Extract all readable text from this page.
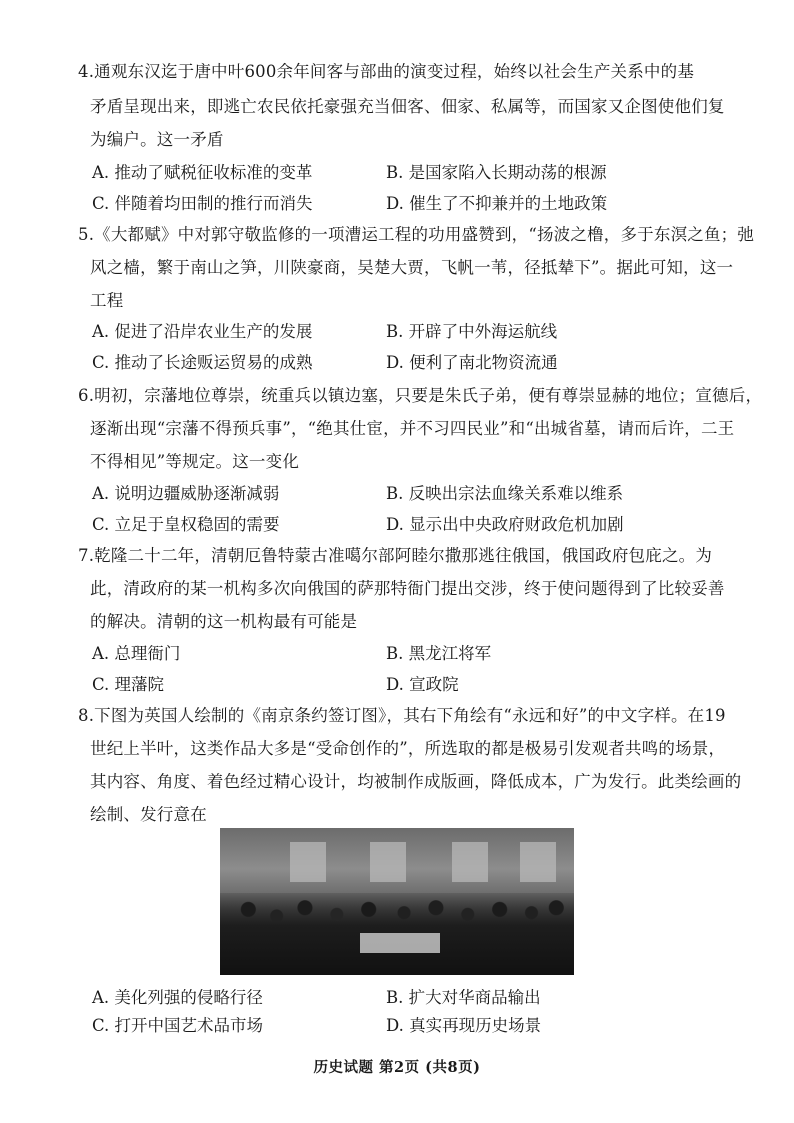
4.通观东汉迄于唐中叶600余年间客与部曲的演变过程，始终以社会生产关系中的基
矛盾呈现出来，即逃亡农民依托豪强充当佃客、佃家、私属等，而国家又企图使他们复
为编户。这一矛盾
A. 推动了赋税征收标准的变革	B. 是国家陷入长期动荡的根源
C. 伴随着均田制的推行而消失	D. 催生了不抑兼并的土地政策
5.《大都赋》中对郭守敬监修的一项漕运工程的功用盛赞到，“扬波之橹，多于东溟之鱼；弛
风之樯，繁于南山之笋，川陕豪商，吴楚大贾，飞帆一苇，径抵辇下”。据此可知，这一
工程
A. 促进了沿岸农业生产的发展	B. 开辟了中外海运航线
C. 推动了长途贩运贸易的成熟	D. 便利了南北物资流通
6.明初，宗藩地位尊崇，统重兵以镇边塞，只要是朱氏子弟，便有尊崇显赫的地位；宣德后，
逐渐出现“宗藩不得预兵事”，“绝其仕宦，并不习四民业”和“出城省墓，请而后许，二王
不得相见”等规定。这一变化
A. 说明边疆威胁逐渐减弱	B. 反映出宗法血缘关系难以维系
C. 立足于皇权稳固的需要	D. 显示出中央政府财政危机加剧
7.乾隆二十二年，清朝厄鲁特蒙古准噶尔部阿睦尔撒那逃往俄国，俄国政府包庇之。为
此，清政府的某一机构多次向俄国的萨那特衙门提出交涉，终于使问题得到了比较妥善
的解决。清朝的这一机构最有可能是
A. 总理衙门	B. 黑龙江将军
C. 理藩院	D. 宣政院
8.下图为英国人绘制的《南京条约签订图》，其右下角绘有“永远和好”的中文字样。在19
世纪上半叶，这类作品大多是“受命创作的”，所选取的都是极易引发观者共鸣的场景，
其内容、角度、着色经过精心设计，均被制作成版画，降低成本，广为发行。此类绘画的
绘制、发行意在
A. 美化列强的侵略行径	B. 扩大对华商品输出
C. 打开中国艺术品市场	D. 真实再现历史场景
历史试题 第2页 (共8页)
